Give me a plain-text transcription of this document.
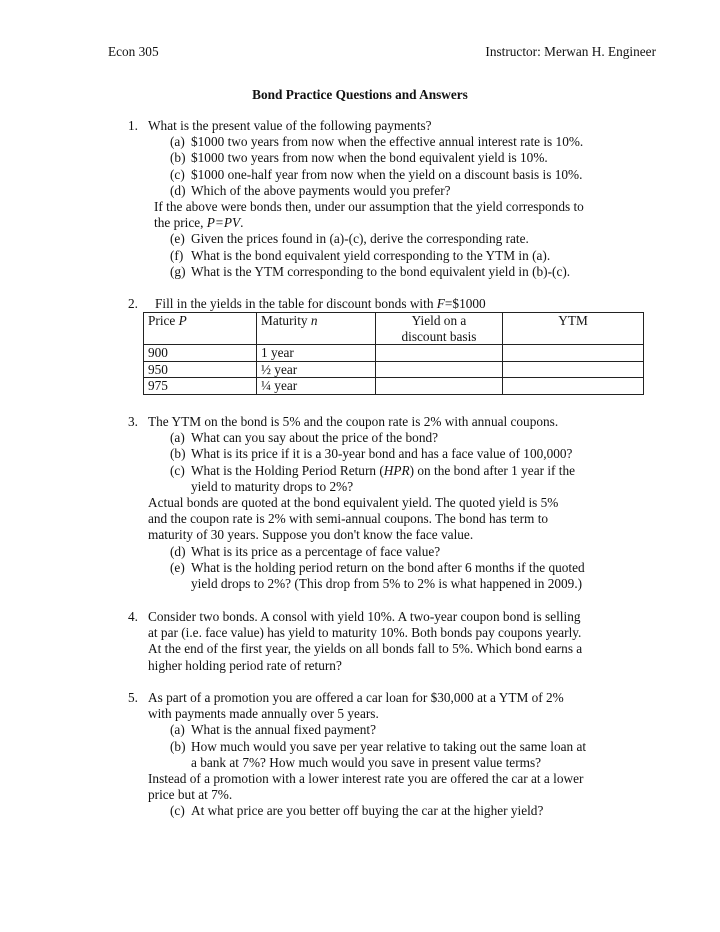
Econ 305	Instructor: Merwan H. Engineer
Bond Practice Questions and Answers
1. What is the present value of the following payments?
(a) $1000 two years from now when the effective annual interest rate is 10%.
(b) $1000 two years from now when the bond equivalent yield is 10%.
(c) $1000 one-half year from now when the yield on a discount basis is 10%.
(d) Which of the above payments would you prefer?
If the above were bonds then, under our assumption that the yield corresponds to
the price, P=PV.
(e) Given the prices found in (a)-(c), derive the corresponding rate.
(f) What is the bond equivalent yield corresponding to the YTM in (a).
(g) What is the YTM corresponding to the bond equivalent yield in (b)-(c).
2. Fill in the yields in the table for discount bonds with F=$1000
Price P	Maturity n	Yield on a
discount basis	YTM
900	1 year		
950	½ year		
975	¼ year		
3. The YTM on the bond is 5% and the coupon rate is 2% with annual coupons.
(a) What can you say about the price of the bond?
(b) What is its price if it is a 30-year bond and has a face value of 100,000?
(c) What is the Holding Period Return (HPR) on the bond after 1 year if the
yield to maturity drops to 2%?
Actual bonds are quoted at the bond equivalent yield. The quoted yield is 5%
and the coupon rate is 2% with semi-annual coupons. The bond has term to
maturity of 30 years. Suppose you don't know the face value.
(d) What is its price as a percentage of face value?
(e) What is the holding period return on the bond after 6 months if the quoted
yield drops to 2%? (This drop from 5% to 2% is what happened in 2009.)
4. Consider two bonds. A consol with yield 10%. A two-year coupon bond is selling
at par (i.e. face value) has yield to maturity 10%. Both bonds pay coupons yearly.
At the end of the first year, the yields on all bonds fall to 5%. Which bond earns a
higher holding period rate of return?
5. As part of a promotion you are offered a car loan for $30,000 at a YTM of 2%
with payments made annually over 5 years.
(a) What is the annual fixed payment?
(b) How much would you save per year relative to taking out the same loan at
a bank at 7%? How much would you save in present value terms?
Instead of a promotion with a lower interest rate you are offered the car at a lower
price but at 7%.
(c) At what price are you better off buying the car at the higher yield?
